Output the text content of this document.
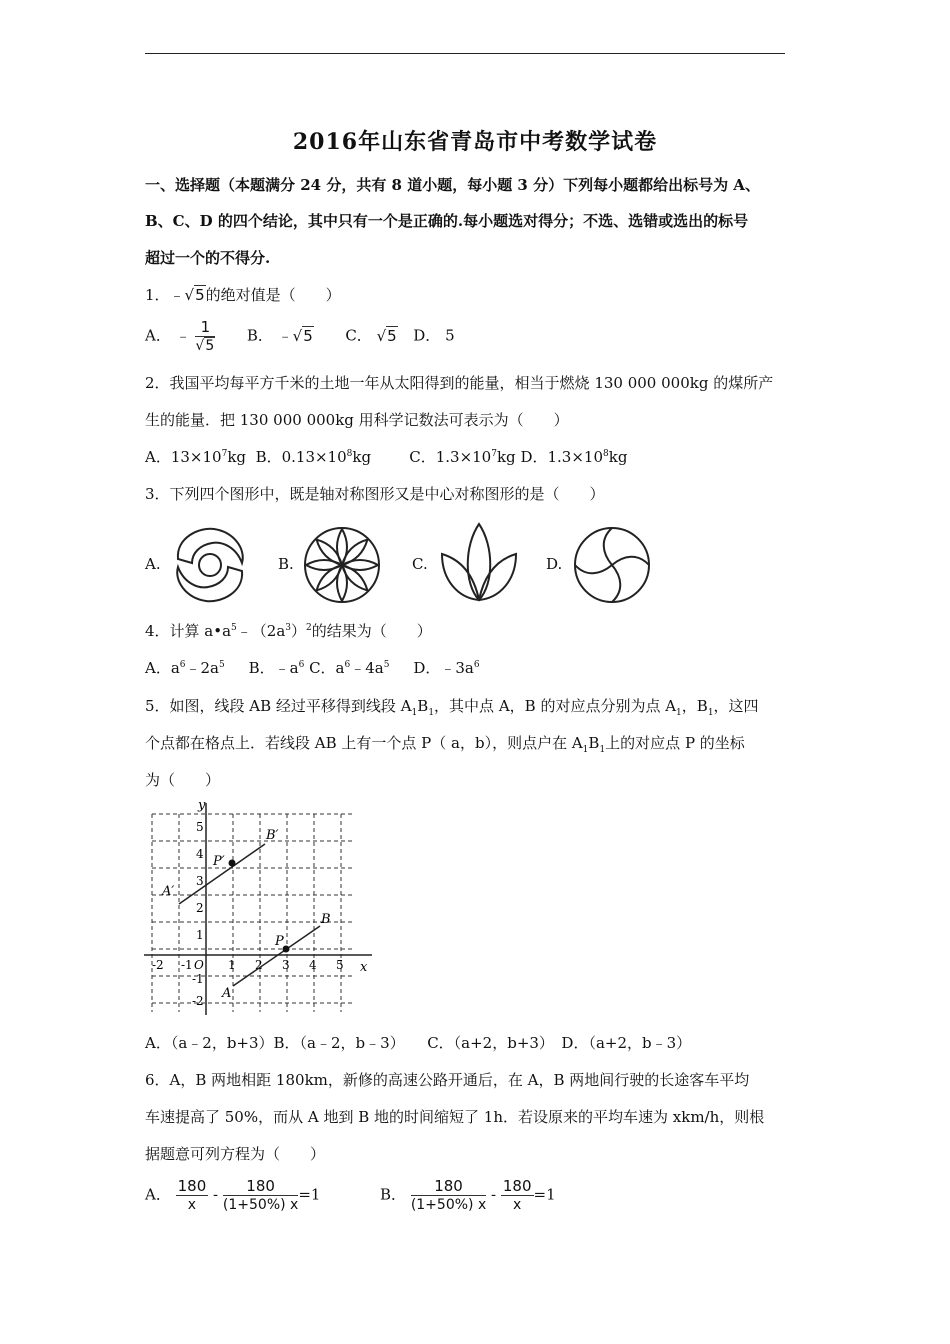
2016年山东省青岛市中考数学试卷
一、选择题（本题满分 24 分，共有 8 道小题，每小题 3 分）下列每小题都给出标号为 A、
B、C、D 的四个结论，其中只有一个是正确的.每小题选对得分；不选、选错或选出的标号
超过一个的不得分.
1．﹣√5的绝对值是（　　）
A． ﹣ $\frac{1}{√5}$ B． ﹣√5 C． √5 D． 5
2．我国平均每平方千米的土地一年从太阳得到的能量，相当于燃烧 130 000 000kg 的煤所产
生的能量．把 130 000 000kg 用科学记数法可表示为（　　）
A．$13\times 10^7kg$ B．$0.13\times 10^8kg$	C．$1.3\times 10^7kg$ D．$1.3\times 10^8kg$
3．下列四个图形中，既是轴对称图形又是中心对称图形的是（　　）
A.	B.	C.	D.
4．计算 $a•a^5﹣(2a^3)^2$的结果为（　　）
A．$a^6﹣2a^5$ B．$﹣a^6$ C．$a^6﹣4a^5$ D．$﹣3a^6$
5．如图，线段 AB 经过平移得到线段 $A_1B_1$，其中点 A，B 的对应点分别为点 $A_1$，$B_1$，这四
个点都在格点上．若线段 AB 上有一个点 P（ a，b），则点户在 $A_1B_1$上的对应点 P 的坐标
为（　　）
y
x
O
-2 -1	1 2 3 4 5
5
4
3
2
1
-1
-2
B′
P′
A′
B
P
A
A．（a﹣2，b+3）B．（a﹣2，b﹣3）　　C．（a+2，b+3）　D．（a+2，b﹣3）
6．A，B 两地相距 180km，新修的高速公路开通后，在 A，B 两地间行驶的长途客车平均
车速提高了 50%，而从 A 地到 B 地的时间缩短了 1h．若设原来的平均车速为 xkm/h，则根
据题意可列方程为（　　）
A． $\frac{180}{x} - \frac{180}{(1+50\%) x} =1$	B． $\frac{180}{(1+50\%) x} - \frac{180}{x} =1$
